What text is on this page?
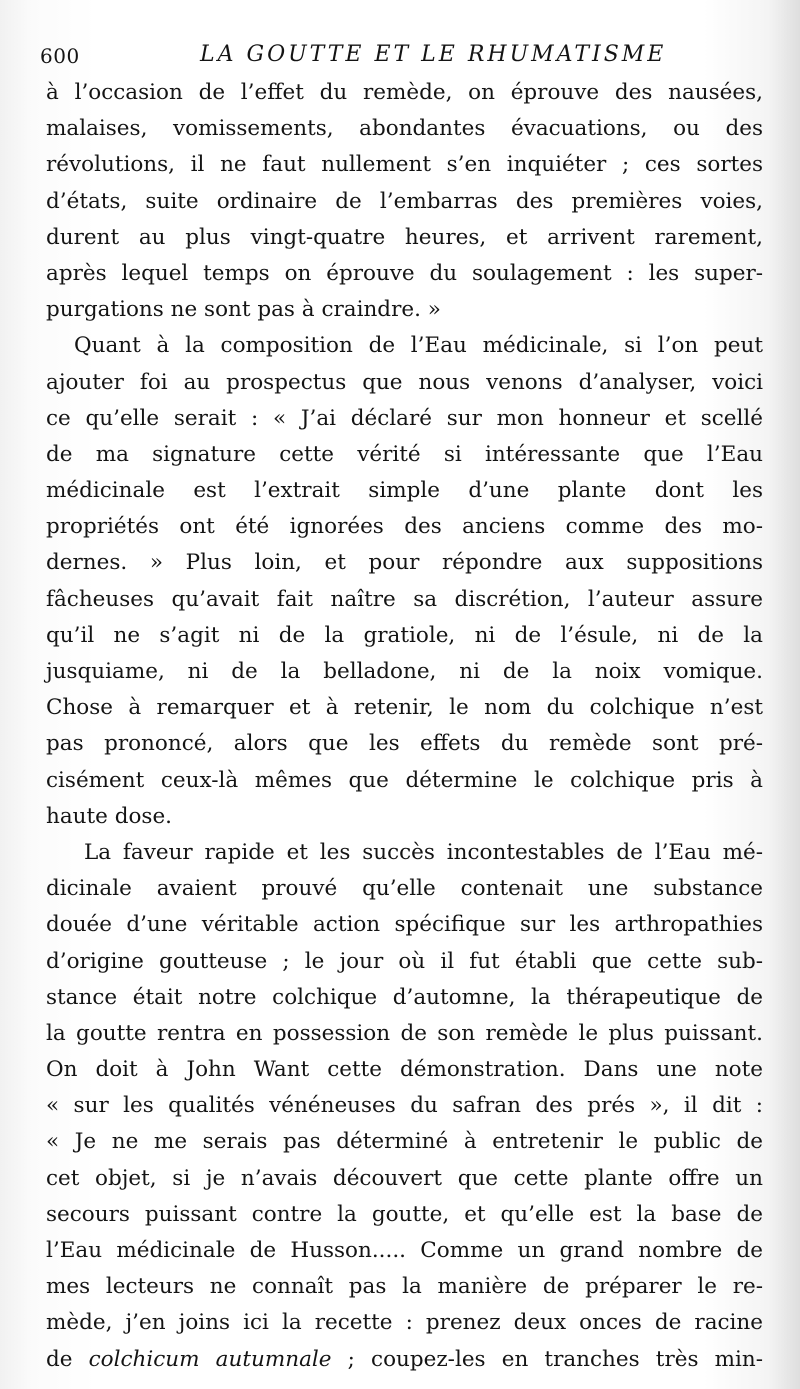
600	LA GOUTTE ET LE RHUMATISME
à l’occasion de l’effet du remède, on éprouve des nausées,
malaises, vomissements, abondantes évacuations, ou des
révolutions, il ne faut nullement s’en inquiéter ; ces sortes
d’états, suite ordinaire de l’embarras des premières voies,
durent au plus vingt-quatre heures, et arrivent rarement,
après lequel temps on éprouve du soulagement : les super-
purgations ne sont pas à craindre. »
Quant à la composition de l’Eau médicinale, si l’on peut
ajouter foi au prospectus que nous venons d’analyser, voici
ce qu’elle serait : « J’ai déclaré sur mon honneur et scellé
de ma signature cette vérité si intéressante que l’Eau
médicinale est l’extrait simple d’une plante dont les
propriétés ont été ignorées des anciens comme des mo-
dernes. » Plus loin, et pour répondre aux suppositions
fâcheuses qu’avait fait naître sa discrétion, l’auteur assure
qu’il ne s’agit ni de la gratiole, ni de l’ésule, ni de la
jusquiame, ni de la belladone, ni de la noix vomique.
Chose à remarquer et à retenir, le nom du colchique n’est
pas prononcé, alors que les effets du remède sont pré-
cisément ceux-là mêmes que détermine le colchique pris à
haute dose.
La faveur rapide et les succès incontestables de l’Eau mé-
dicinale avaient prouvé qu’elle contenait une substance
douée d’une véritable action spécifique sur les arthropathies
d’origine goutteuse ; le jour où il fut établi que cette sub-
stance était notre colchique d’automne, la thérapeutique de
la goutte rentra en possession de son remède le plus puissant.
On doit à John Want cette démonstration. Dans une note
« sur les qualités vénéneuses du safran des prés », il dit :
« Je ne me serais pas déterminé à entretenir le public de
cet objet, si je n’avais découvert que cette plante offre un
secours puissant contre la goutte, et qu’elle est la base de
l’Eau médicinale de Husson..... Comme un grand nombre de
mes lecteurs ne connaît pas la manière de préparer le re-
mède, j’en joins ici la recette : prenez deux onces de racine
de colchicum autumnale ; coupez-les en tranches très min-
